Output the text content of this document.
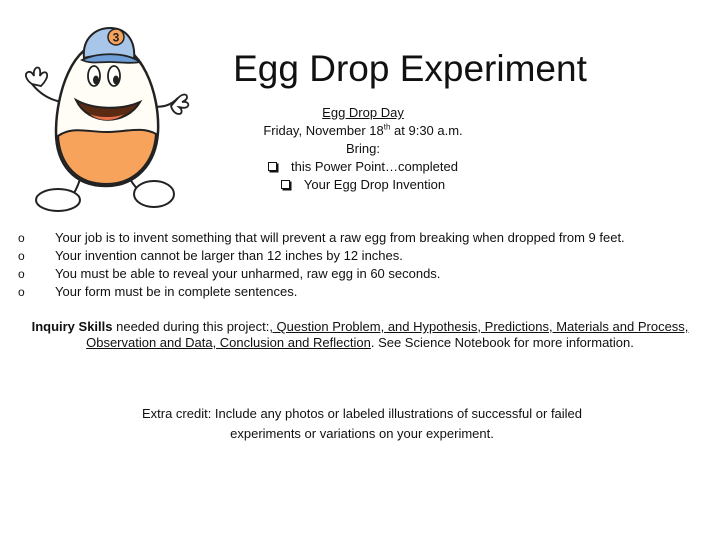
3
Egg Drop Experiment
Egg Drop Day
Friday, November 18th at 9:30 a.m.
Bring:
this Power Point…completed
Your Egg Drop Invention
o	Your job is to invent something that will prevent a raw egg from breaking when dropped from 9 feet.
o	Your invention cannot be larger than 12 inches by 12 inches.
o	You must be able to reveal your unharmed, raw egg in 60 seconds.
o	Your form must be in complete sentences.
Inquiry Skills needed during this project:, Question Problem, and Hypothesis, Predictions, Materials and Process, Observation and Data, Conclusion and Reflection. See Science Notebook for more information.
Extra credit: Include any photos or labeled illustrations of successful or failed
experiments or variations on your experiment.
